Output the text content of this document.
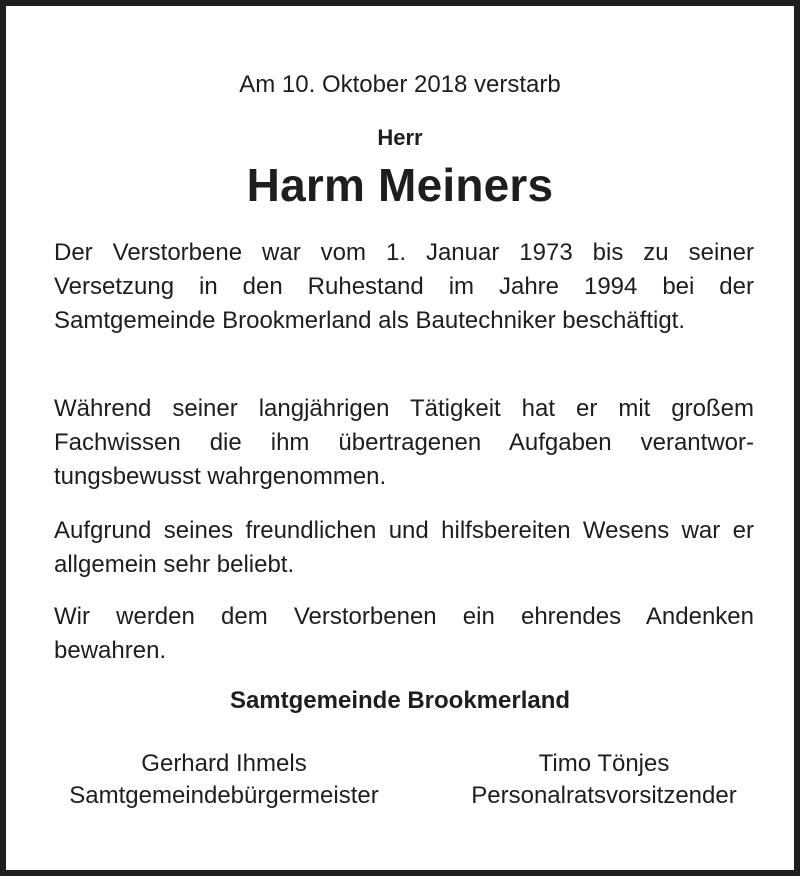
Am 10. Oktober 2018 verstarb

Herr

Harm Meiners

Der Verstorbene war vom 1. Januar 1973 bis zu seiner Versetzung in den Ruhestand im Jahre 1994 bei der Samtgemeinde Brookmerland als Bautechniker beschäftigt.

Während seiner langjährigen Tätigkeit hat er mit großem Fachwissen die ihm übertragenen Aufgaben verantwortungsbewusst wahrgenommen.

Aufgrund seines freundlichen und hilfsbereiten Wesens war er allgemein sehr beliebt.

Wir werden dem Verstorbenen ein ehrendes Andenken bewahren.

Samtgemeinde Brookmerland

Gerhard Ihmels
Samtgemeindebürgermeister
Timo Tönjes
Personalratsvorsitzender
